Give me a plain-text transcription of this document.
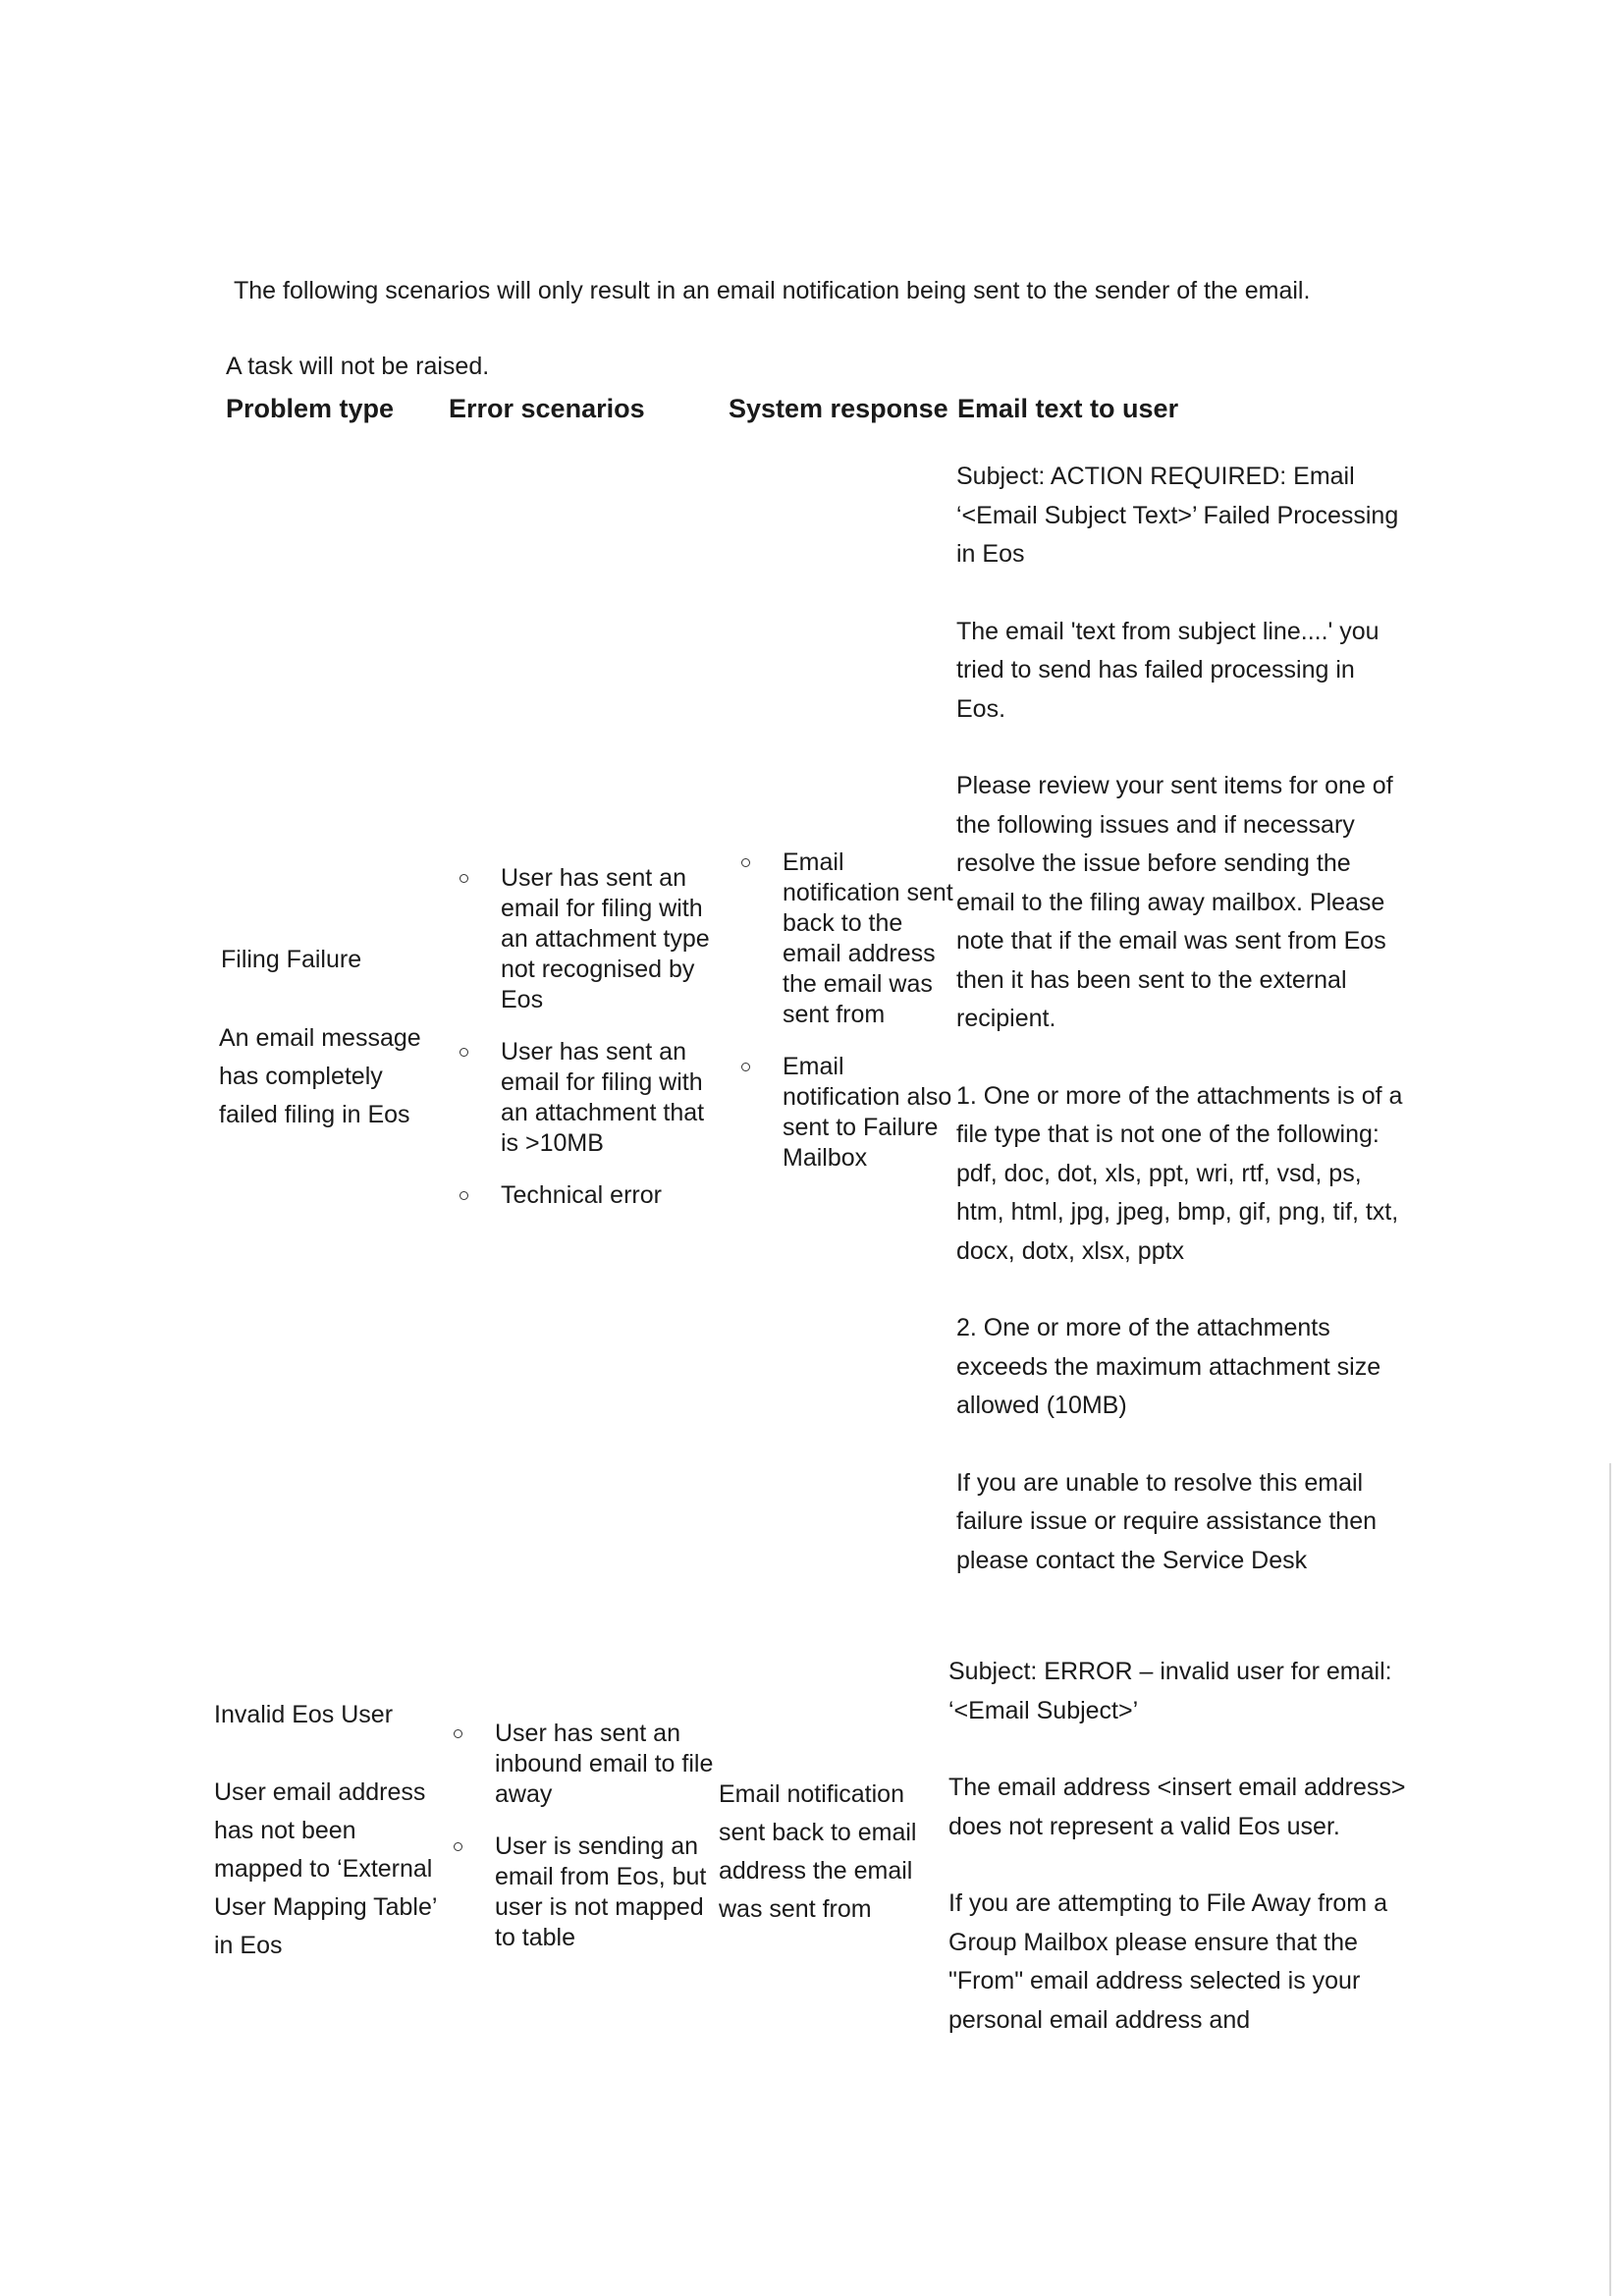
The following scenarios will only result in an email notification being sent to the sender of the email.
A task will not be raised.
Problem type Error scenarios	System response Email text to user
Filing Failure
An email message has completely failed filing in Eos
User has sent an email for filing with an attachment type not recognised by Eos
User has sent an email for filing with an attachment that is >10MB
Technical error
Email notification sent back to the email address the email was sent from
Email notification also sent to Failure Mailbox
Subject: ACTION REQUIRED: Email ‘<Email Subject Text>’ Failed Processing in Eos
The email 'text from subject line....' you tried to send has failed processing in Eos.
Please review your sent items for one of the following issues and if necessary resolve the issue before sending the email to the filing away mailbox. Please note that if the email was sent from Eos then it has been sent to the external recipient.
1. One or more of the attachments is of a file type that is not one of the following:
pdf, doc, dot, xls, ppt, wri, rtf, vsd, ps, htm, html, jpg, jpeg, bmp, gif, png, tif, txt, docx, dotx, xlsx, pptx
2. One or more of the attachments exceeds the maximum attachment size allowed (10MB)
If you are unable to resolve this email failure issue or require assistance then please contact the Service Desk
Invalid Eos User
User email address has not been mapped to ‘External User Mapping Table’ in Eos
User has sent an inbound email to file away
User is sending an email from Eos, but user is not mapped to table
Email notification sent back to email address the email was sent from
Subject: ERROR – invalid user for email: ‘<Email Subject>’
The email address <insert email address> does not represent a valid Eos user.
If you are attempting to File Away from a Group Mailbox please ensure that the "From" email address selected is your personal email address and
